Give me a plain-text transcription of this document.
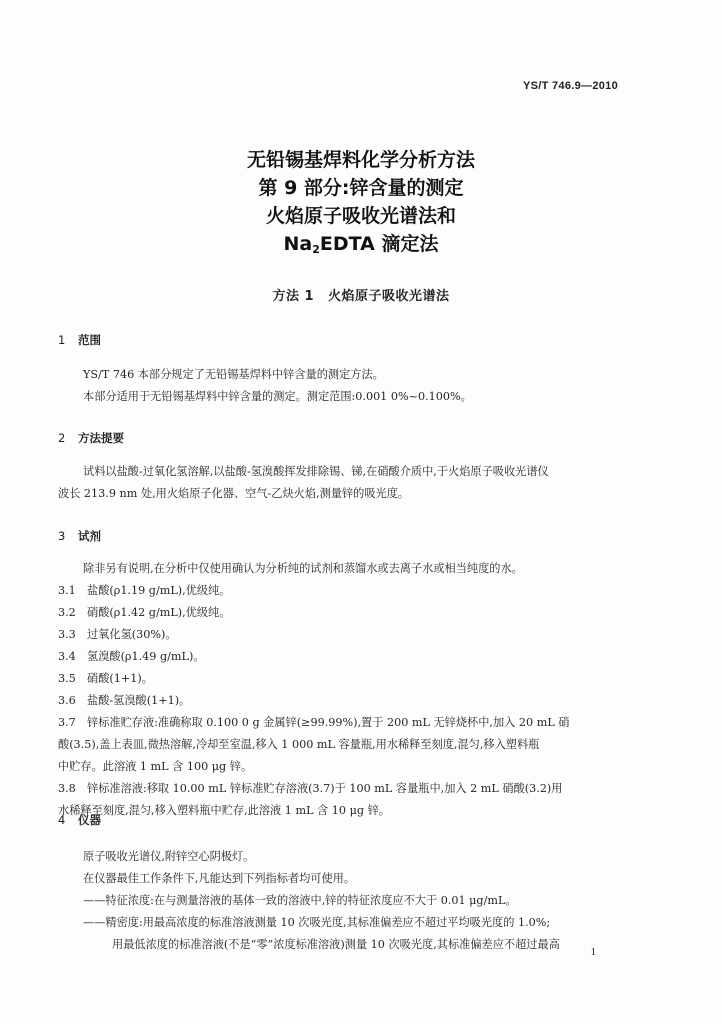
YS/T 746.9—2010
无铅锡基焊料化学分析方法
第 9 部分:锌含量的测定
火焰原子吸收光谱法和
$Na_2EDTA$ 滴定法
方法 1 火焰原子吸收光谱法
1 范围
YS/T 746 本部分规定了无铅锡基焊料中锌含量的测定方法。
本部分适用于无铅锡基焊料中锌含量的测定。测定范围:0.001 0%~0.100%。
2 方法提要
试料以盐酸-过氧化氢溶解,以盐酸-氢溴酸挥发排除锡、锑,在硝酸介质中,于火焰原子吸收光谱仪
波长 213.9 nm 处,用火焰原子化器、空气-乙炔火焰,测量锌的吸光度。
3 试剂
除非另有说明,在分析中仅使用确认为分析纯的试剂和蒸馏水或去离子水或相当纯度的水。
3.1 盐酸(ρ1.19 g/mL),优级纯。
3.2 硝酸(ρ1.42 g/mL),优级纯。
3.3 过氧化氢(30%)。
3.4 氢溴酸(ρ1.49 g/mL)。
3.5 硝酸(1+1)。
3.6 盐酸-氢溴酸(1+1)。
3.7 锌标准贮存液:准确称取 0.100 0 g 金属锌(≥99.99%),置于 200 mL 无锌烧杯中,加入 20 mL 硝
酸(3.5),盖上表皿,微热溶解,冷却至室温,移入 1 000 mL 容量瓶,用水稀释至刻度,混匀,移入塑料瓶
中贮存。此溶液 1 mL 含 100 μg 锌。
3.8 锌标准溶液:移取 10.00 mL 锌标准贮存溶液(3.7)于 100 mL 容量瓶中,加入 2 mL 硝酸(3.2)用
水稀释至刻度,混匀,移入塑料瓶中贮存,此溶液 1 mL 含 10 μg 锌。
4 仪器
原子吸收光谱仪,附锌空心阴极灯。
在仪器最佳工作条件下,凡能达到下列指标者均可使用。
——特征浓度:在与测量溶液的基体一致的溶液中,锌的特征浓度应不大于 0.01 μg/mL。
——精密度:用最高浓度的标准溶液测量 10 次吸光度,其标准偏差应不超过平均吸光度的 1.0%;
用最低浓度的标准溶液(不是“零”浓度标准溶液)测量 10 次吸光度,其标准偏差应不超过最高
1
